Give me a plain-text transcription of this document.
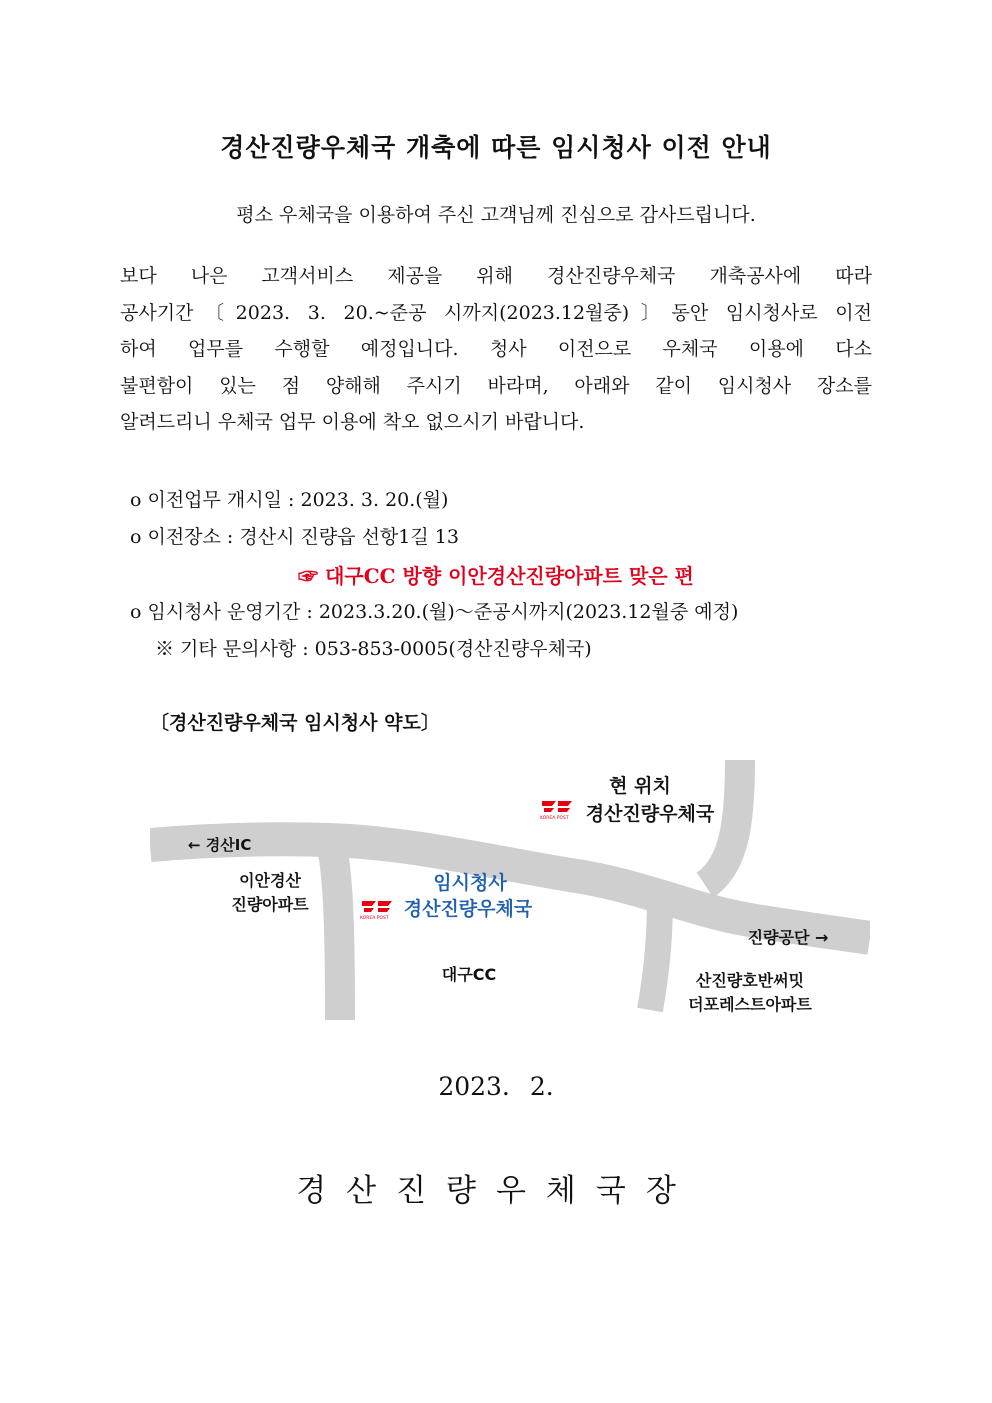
경산진량우체국 개축에 따른 임시청사 이전 안내
평소 우체국을 이용하여 주신 고객님께 진심으로 감사드립니다.
보다 나은 고객서비스 제공을 위해 경산진량우체국 개축공사에 따라
공사기간〔2023. 3. 20.~준공 시까지(2023.12월중)〕동안 임시청사로 이전
하여 업무를 수행할 예정입니다. 청사 이전으로 우체국 이용에 다소
불편함이 있는 점 양해해 주시기 바라며, 아래와 같이 임시청사 장소를
알려드리니 우체국 업무 이용에 착오 없으시기 바랍니다.
o 이전업무 개시일 : 2023. 3. 20.(월)
o 이전장소 : 경산시 진량읍 선항1길 13
o 임시청사 운영기간 : 2023.3.20.(월)～준공시까지(2023.12월중 예정)
※ 기타 문의사항 : 053-853-0005(경산진량우체국)
☞ 대구CC 방향 이안경산진량아파트 맞은 편
〔경산진량우체국 임시청사 약도〕
KOREA POST
KOREA POST
← 경산IC
이안경산
진량아파트
임시청사
경산진량우체국
현 위치
경산진량우체국
대구CC
진량공단 →
산진량호반써밋
더포레스트아파트
2023. 2.
경산진량우체국장
